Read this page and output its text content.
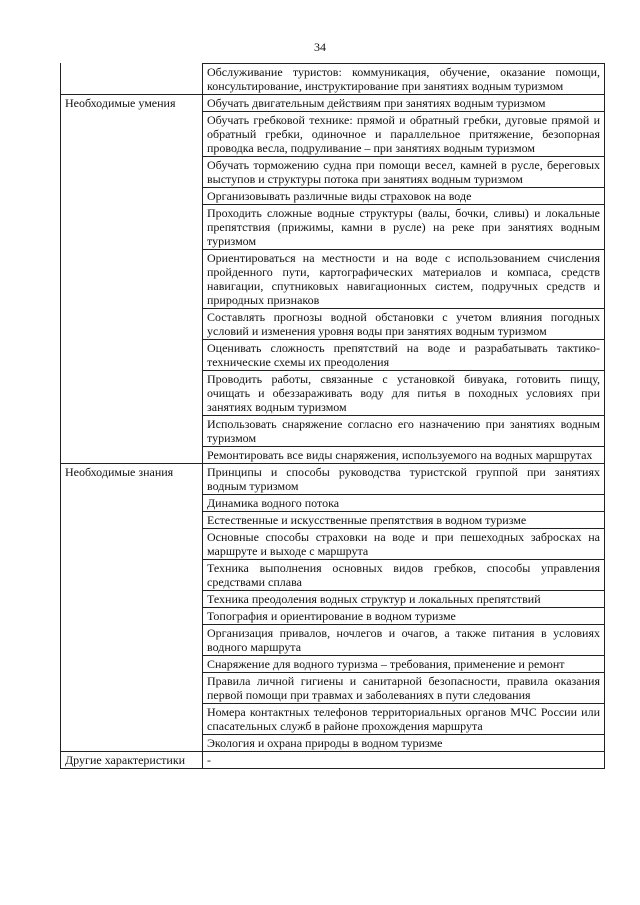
34
	Обслуживание туристов: коммуникация, обучение, оказание помощи, консультирование, инструктирование при занятиях водным туризмом
Необходимые умения	Обучать двигательным действиям при занятиях водным туризмом
	Обучать гребковой технике: прямой и обратный гребки, дуговые прямой и обратный гребки, одиночное и параллельное притяжение, безопорная проводка весла, подруливание – при занятиях водным туризмом
	Обучать торможению судна при помощи весел, камней в русле, береговых выступов и структуры потока при занятиях водным туризмом
	Организовывать различные виды страховок на воде
	Проходить сложные водные структуры (валы, бочки, сливы) и локальные препятствия (прижимы, камни в русле) на реке при занятиях водным туризмом
	Ориентироваться на местности и на воде с использованием счисления пройденного пути, картографических материалов и компаса, средств навигации, спутниковых навигационных систем, подручных средств и природных признаков
	Составлять прогнозы водной обстановки с учетом влияния погодных условий и изменения уровня воды при занятиях водным туризмом
	Оценивать сложность препятствий на воде и разрабатывать тактико-технические схемы их преодоления
	Проводить работы, связанные с установкой бивуака, готовить пищу, очищать и обеззараживать воду для питья в походных условиях при занятиях водным туризмом
	Использовать снаряжение согласно его назначению при занятиях водным туризмом
	Ремонтировать все виды снаряжения, используемого на водных маршрутах
Необходимые знания	Принципы и способы руководства туристской группой при занятиях водным туризмом
	Динамика водного потока
	Естественные и искусственные препятствия в водном туризме
	Основные способы страховки на воде и при пешеходных забросках на маршруте и выходе с маршрута
	Техника выполнения основных видов гребков, способы управления средствами сплава
	Техника преодоления водных структур и локальных препятствий
	Топография и ориентирование в водном туризме
	Организация привалов, ночлегов и очагов, а также питания в условиях водного маршрута
	Снаряжение для водного туризма – требования, применение и ремонт
	Правила личной гигиены и санитарной безопасности, правила оказания первой помощи при травмах и заболеваниях в пути следования
	Номера контактных телефонов территориальных органов МЧС России или спасательных служб в районе прохождения маршрута
	Экология и охрана природы в водном туризме
Другие характеристики	-
